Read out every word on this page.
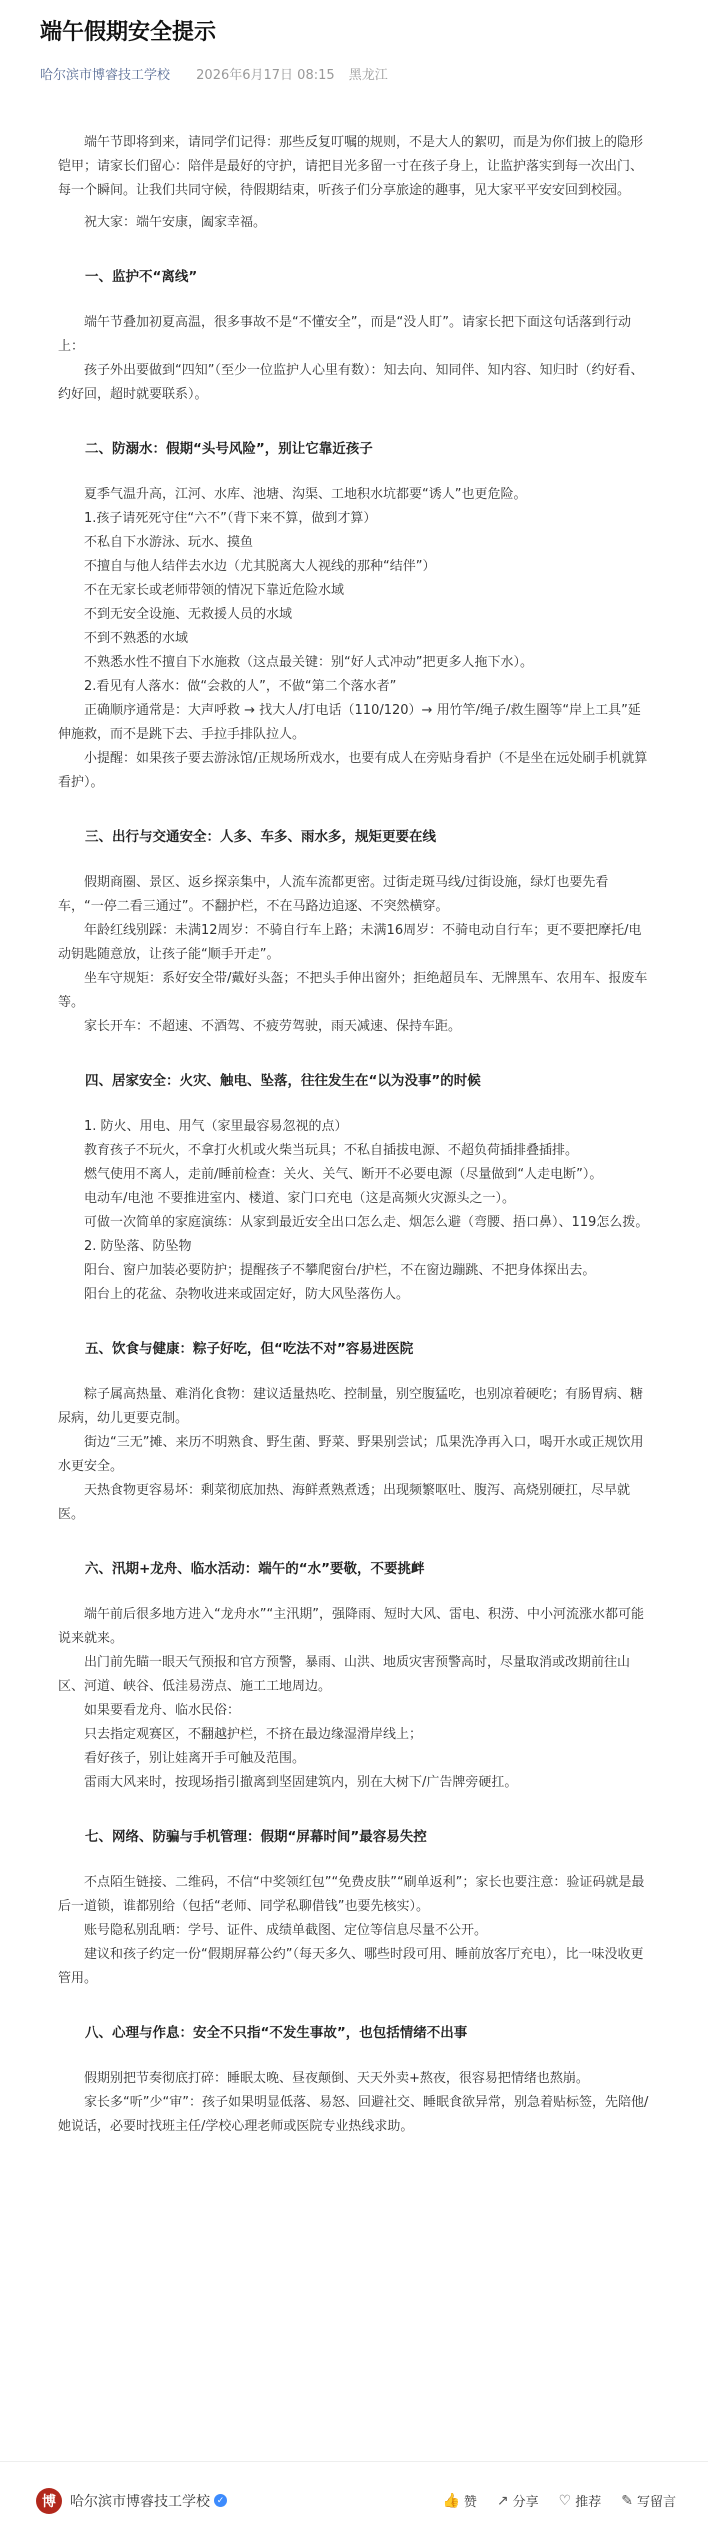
端午假期安全提示
哈尔滨市博睿技工学校 2026年6月17日 08:15 黑龙江

端午节即将到来，请同学们记得：那些反复叮嘱的规则，不是大人的絮叨，而是为你们披上的隐形铠甲；请家长们留心：陪伴是最好的守护，请把目光多留一寸在孩子身上，让监护落实到每一次出门、每一个瞬间。让我们共同守候，待假期结束，听孩子们分享旅途的趣事，见大家平平安安回到校园。

祝大家：端午安康，阖家幸福。

一、监护不“离线”

端午节叠加初夏高温，很多事故不是“不懂安全”，而是“没人盯”。请家长把下面这句话落到行动上：

孩子外出要做到“四知”（至少一位监护人心里有数）：知去向、知同伴、知内容、知归时（约好看、约好回，超时就要联系）。

二、防溺水：假期“头号风险”，别让它靠近孩子

夏季气温升高，江河、水库、池塘、沟渠、工地积水坑都要“诱人”也更危险。

1.孩子请死死守住“六不”（背下来不算，做到才算）

不私自下水游泳、玩水、摸鱼

不擅自与他人结伴去水边（尤其脱离大人视线的那种“结伴”）

不在无家长或老师带领的情况下靠近危险水域

不到无安全设施、无救援人员的水域

不到不熟悉的水域

不熟悉水性不擅自下水施救（这点最关键：别“好人式冲动”把更多人拖下水）。

2.看见有人落水：做“会救的人”，不做“第二个落水者”

正确顺序通常是：大声呼救 → 找大人/打电话（110/120）→ 用竹竿/绳子/救生圈等“岸上工具”延伸施救，而不是跳下去、手拉手排队拉人。

小提醒：如果孩子要去游泳馆/正规场所戏水，也要有成人在旁贴身看护（不是坐在远处刷手机就算看护）。

三、出行与交通安全：人多、车多、雨水多，规矩更要在线

假期商圈、景区、返乡探亲集中，人流车流都更密。过街走斑马线/过街设施，绿灯也要先看车，“一停二看三通过”。不翻护栏，不在马路边追逐、不突然横穿。

年龄红线别踩：未满12周岁：不骑自行车上路；未满16周岁：不骑电动自行车；更不要把摩托/电动钥匙随意放，让孩子能“顺手开走”。

坐车守规矩：系好安全带/戴好头盔；不把头手伸出窗外；拒绝超员车、无牌黑车、农用车、报废车等。

家长开车：不超速、不酒驾、不疲劳驾驶，雨天减速、保持车距。

四、居家安全：火灾、触电、坠落，往往发生在“以为没事”的时候

1. 防火、用电、用气（家里最容易忽视的点）

教育孩子不玩火，不拿打火机或火柴当玩具；不私自插拔电源、不超负荷插排叠插排。

燃气使用不离人，走前/睡前检查：关火、关气、断开不必要电源（尽量做到“人走电断”）。

电动车/电池 不要推进室内、楼道、家门口充电（这是高频火灾源头之一）。

可做一次简单的家庭演练：从家到最近安全出口怎么走、烟怎么避（弯腰、捂口鼻）、119怎么拨。

2. 防坠落、防坠物

阳台、窗户加装必要防护；提醒孩子不攀爬窗台/护栏，不在窗边蹦跳、不把身体探出去。

阳台上的花盆、杂物收进来或固定好，防大风坠落伤人。

五、饮食与健康：粽子好吃，但“吃法不对”容易进医院

粽子属高热量、难消化食物：建议适量热吃、控制量，别空腹猛吃，也别凉着硬吃；有肠胃病、糖尿病，幼儿更要克制。

街边“三无”摊、来历不明熟食、野生菌、野菜、野果别尝试；瓜果洗净再入口，喝开水或正规饮用水更安全。

天热食物更容易坏：剩菜彻底加热、海鲜煮熟煮透；出现频繁呕吐、腹泻、高烧别硬扛，尽早就医。

六、汛期+龙舟、临水活动：端午的“水”要敬，不要挑衅

端午前后很多地方进入“龙舟水”“主汛期”，强降雨、短时大风、雷电、积涝、中小河流涨水都可能说来就来。

出门前先瞄一眼天气预报和官方预警，暴雨、山洪、地质灾害预警高时，尽量取消或改期前往山区、河道、峡谷、低洼易涝点、施工工地周边。

如果要看龙舟、临水民俗：

只去指定观赛区，不翻越护栏，不挤在最边缘湿滑岸线上；

看好孩子，别让娃离开手可触及范围。

雷雨大风来时，按现场指引撤离到坚固建筑内，别在大树下/广告牌旁硬扛。

七、网络、防骗与手机管理：假期“屏幕时间”最容易失控

不点陌生链接、二维码，不信“中奖领红包”“免费皮肤”“刷单返利”；家长也要注意：验证码就是最后一道锁，谁都别给（包括“老师、同学私聊借钱”也要先核实）。

账号隐私别乱晒：学号、证件、成绩单截图、定位等信息尽量不公开。

建议和孩子约定一份“假期屏幕公约”（每天多久、哪些时段可用、睡前放客厅充电），比一味没收更管用。

八、心理与作息：安全不只指“不发生事故”，也包括情绪不出事

假期别把节奏彻底打碎：睡眠太晚、昼夜颠倒、天天外卖+熬夜，很容易把情绪也熬崩。

家长多“听”少“审”：孩子如果明显低落、易怒、回避社交、睡眠食欲异常，别急着贴标签，先陪他/她说话，必要时找班主任/学校心理老师或医院专业热线求助。

博	哈尔滨市博睿技工学校 ✓	👍 赞 ↗ 分享 ♡ 推荐 ✎ 写留言
